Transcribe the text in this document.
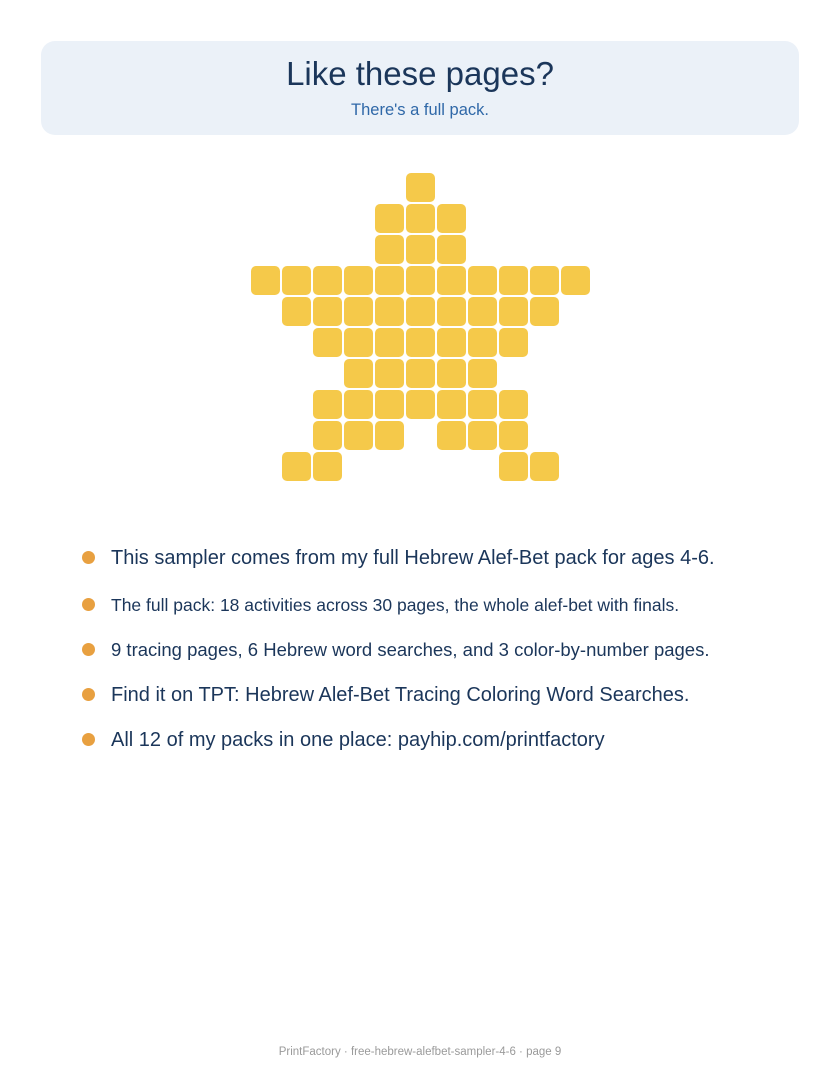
Like these pages?
There's a full pack.
This sampler comes from my full Hebrew Alef-Bet pack for ages 4-6.
The full pack: 18 activities across 30 pages, the whole alef-bet with finals.
9 tracing pages, 6 Hebrew word searches, and 3 color-by-number pages.
Find it on TPT: Hebrew Alef-Bet Tracing Coloring Word Searches.
All 12 of my packs in one place: payhip.com/printfactory
PrintFactory · free-hebrew-alefbet-sampler-4-6 · page 9
